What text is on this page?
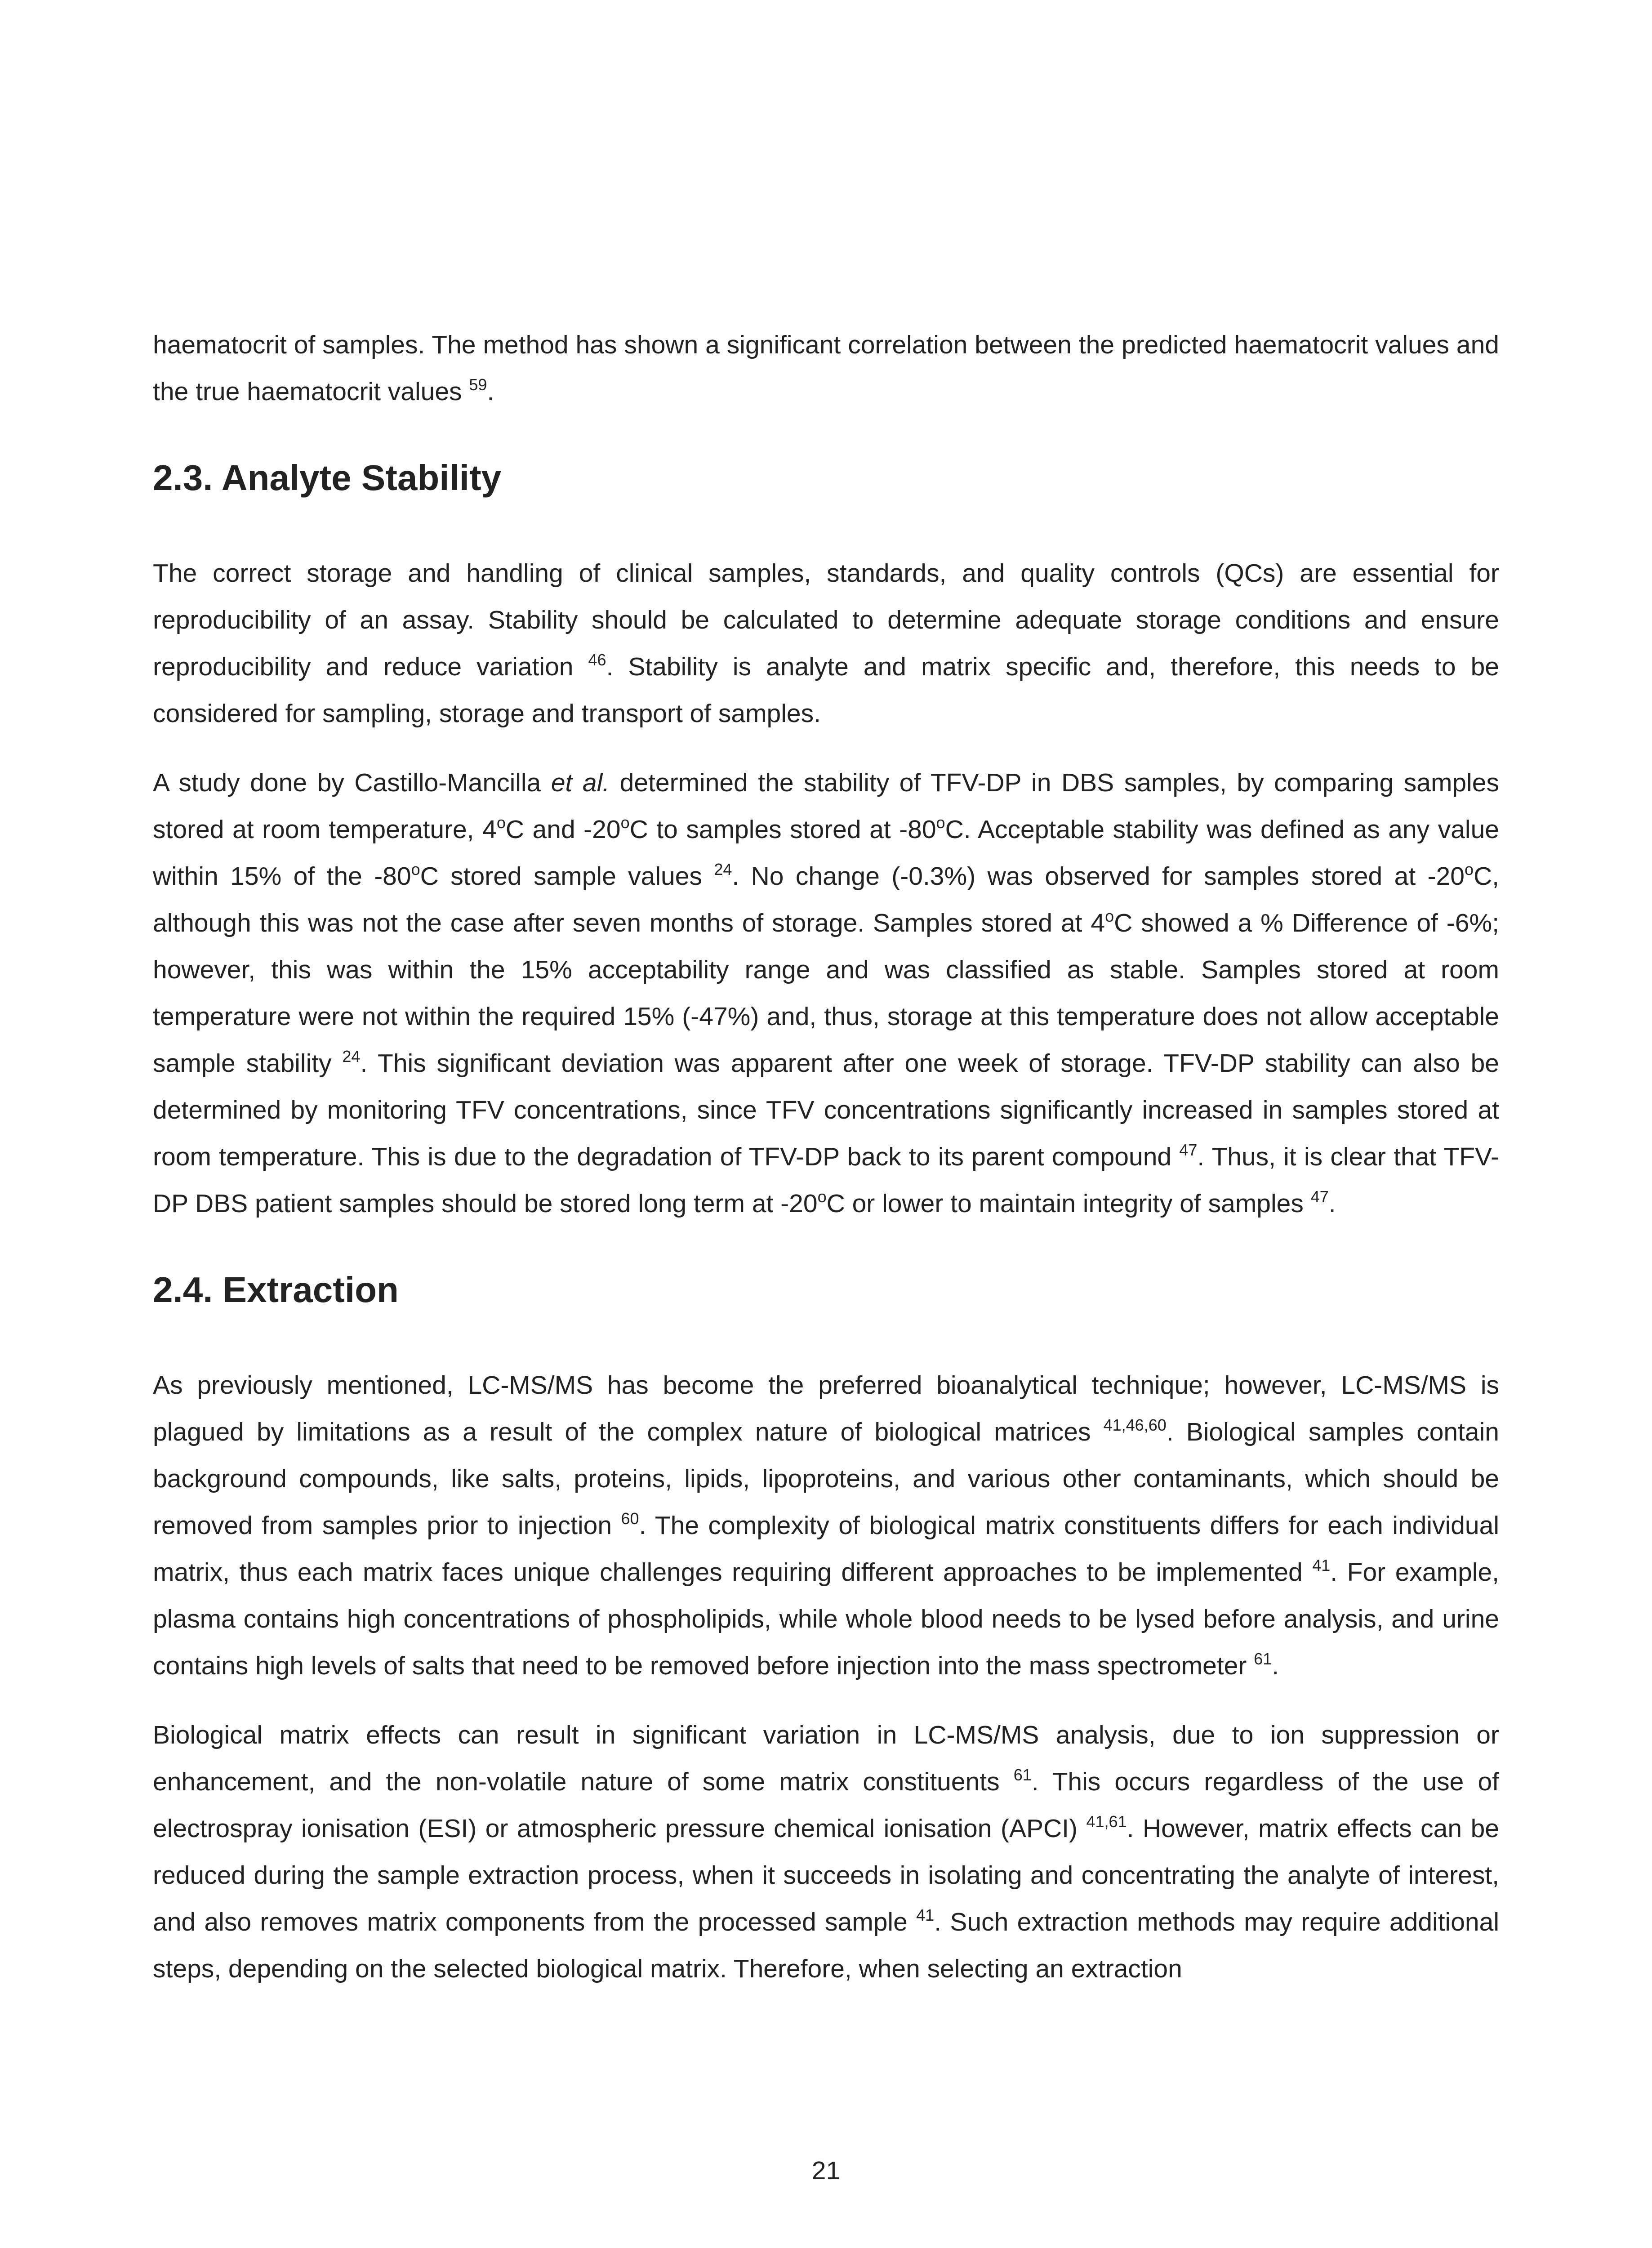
haematocrit of samples. The method has shown a significant correlation between the predicted haematocrit values and the true haematocrit values $^{59}$.

2.3. Analyte Stability

The correct storage and handling of clinical samples, standards, and quality controls (QCs) are essential for reproducibility of an assay. Stability should be calculated to determine adequate storage conditions and ensure reproducibility and reduce variation $^{46}$. Stability is analyte and matrix specific and, therefore, this needs to be considered for sampling, storage and transport of samples.

A study done by Castillo-Mancilla et al. determined the stability of TFV-DP in DBS samples, by comparing samples stored at room temperature, 4$^o$C and -20$^o$C to samples stored at -80$^o$C. Acceptable stability was defined as any value within 15% of the -80$^o$C stored sample values $^{24}$. No change (-0.3%) was observed for samples stored at -20$^o$C, although this was not the case after seven months of storage. Samples stored at 4$^o$C showed a % Difference of -6%; however, this was within the 15% acceptability range and was classified as stable. Samples stored at room temperature were not within the required 15% (-47%) and, thus, storage at this temperature does not allow acceptable sample stability $^{24}$. This significant deviation was apparent after one week of storage. TFV-DP stability can also be determined by monitoring TFV concentrations, since TFV concentrations significantly increased in samples stored at room temperature. This is due to the degradation of TFV-DP back to its parent compound $^{47}$. Thus, it is clear that TFV-DP DBS patient samples should be stored long term at -20$^o$C or lower to maintain integrity of samples $^{47}$.

2.4. Extraction

As previously mentioned, LC-MS/MS has become the preferred bioanalytical technique; however, LC-MS/MS is plagued by limitations as a result of the complex nature of biological matrices $^{41,46,60}$. Biological samples contain background compounds, like salts, proteins, lipids, lipoproteins, and various other contaminants, which should be removed from samples prior to injection $^{60}$. The complexity of biological matrix constituents differs for each individual matrix, thus each matrix faces unique challenges requiring different approaches to be implemented $^{41}$. For example, plasma contains high concentrations of phospholipids, while whole blood needs to be lysed before analysis, and urine contains high levels of salts that need to be removed before injection into the mass spectrometer $^{61}$.

Biological matrix effects can result in significant variation in LC-MS/MS analysis, due to ion suppression or enhancement, and the non-volatile nature of some matrix constituents $^{61}$. This occurs regardless of the use of electrospray ionisation (ESI) or atmospheric pressure chemical ionisation (APCI) $^{41,61}$. However, matrix effects can be reduced during the sample extraction process, when it succeeds in isolating and concentrating the analyte of interest, and also removes matrix components from the processed sample $^{41}$. Such extraction methods may require additional steps, depending on the selected biological matrix. Therefore, when selecting an extraction

21
